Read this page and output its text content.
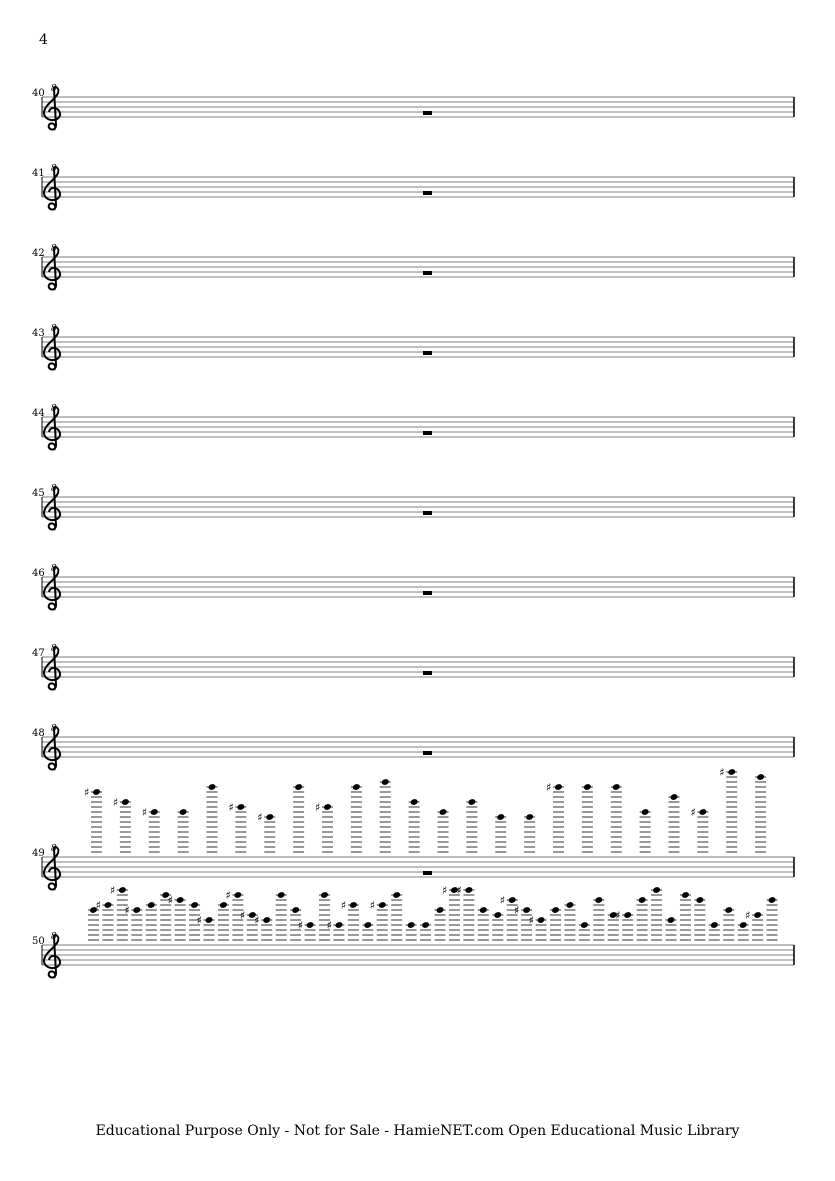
4
40 8
41 8
42 8
43 8
44 8
45 8
46 8
47 8
48 8
49 8
♯
♯
♯	♯
♯
♯
♯
♯
♯
50 8
♯
♯
♯
♯
♯
♯
♯ ♯	♯ ♯
♯ ♯
♯ ♯
♯
♯
♯	♯	♯
Educational Purpose Only - Not for Sale - HamieNET.com Open Educational Music Library
